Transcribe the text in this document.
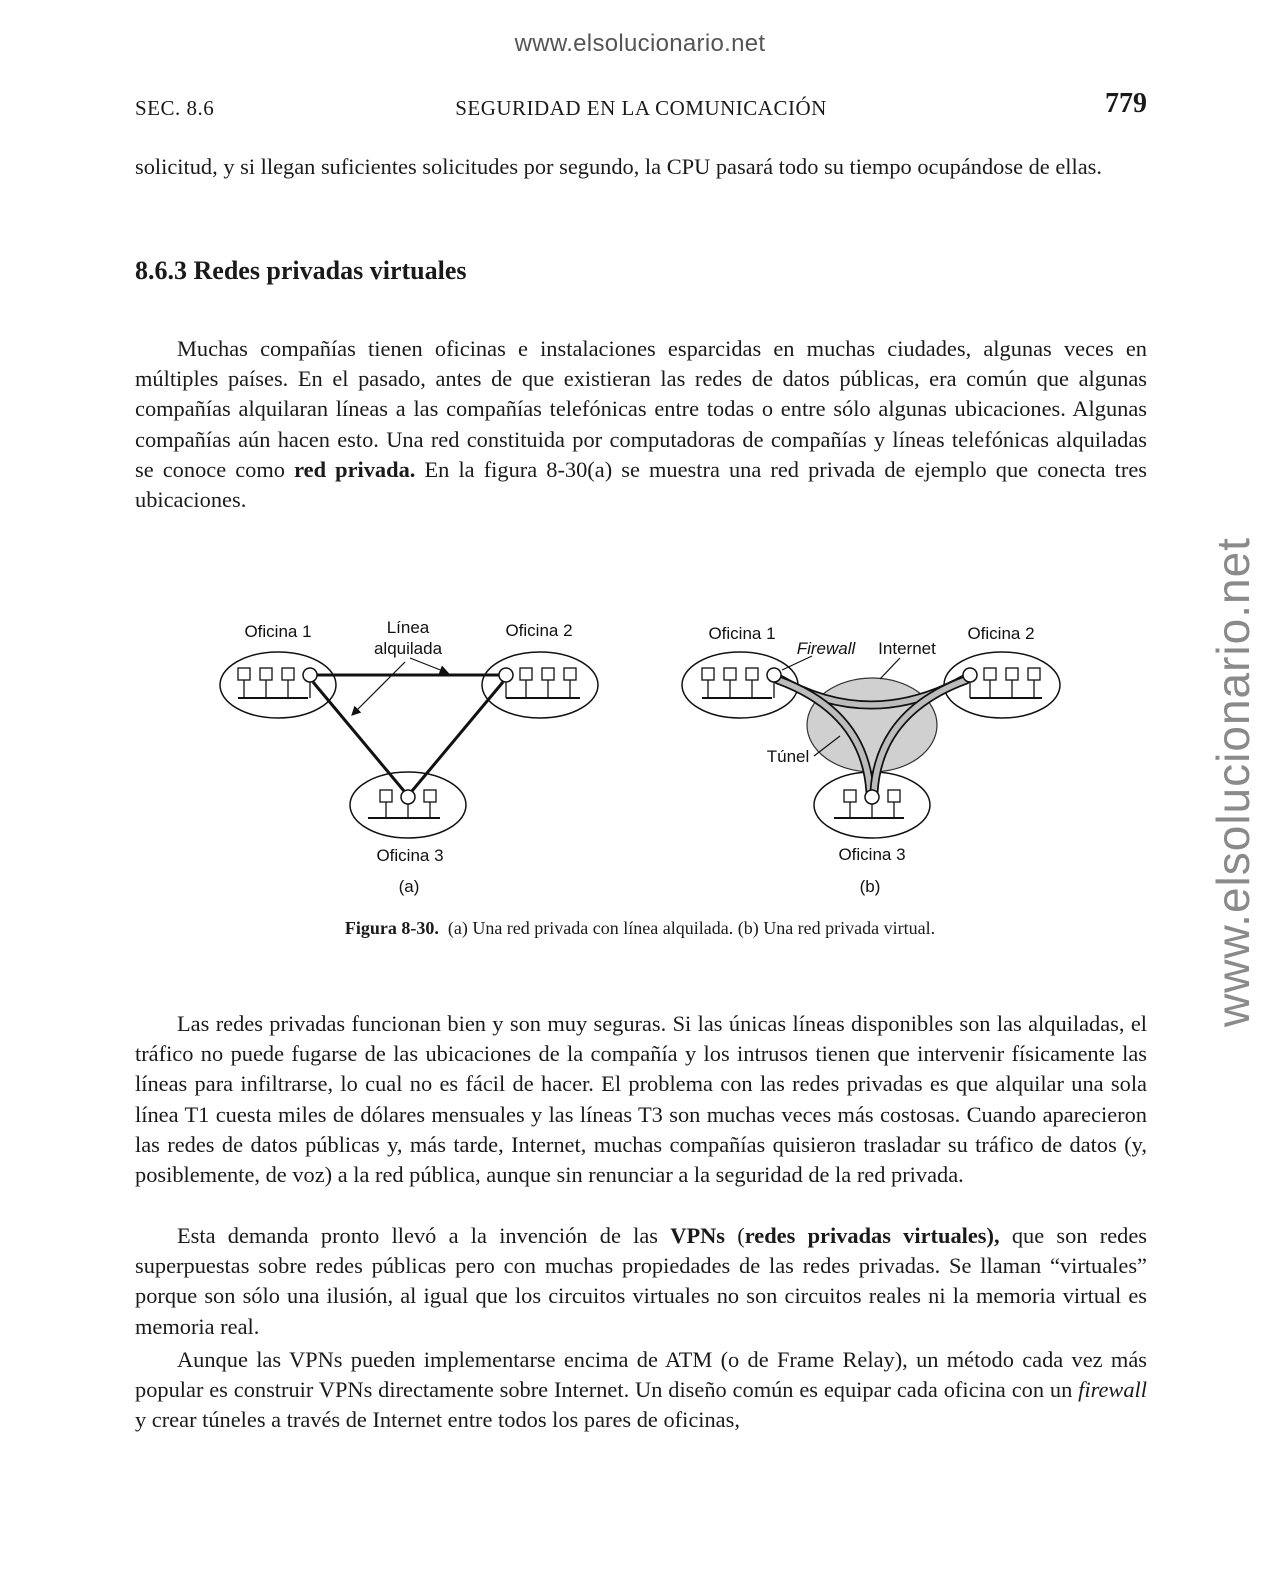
www.elsolucionario.net
www.elsolucionario.net
SEC. 8.6	SEGURIDAD EN LA COMUNICACIÓN	779

solicitud, y si llegan suficientes solicitudes por segundo, la CPU pasará todo su tiempo ocupándose de ellas.

8.6.3 Redes privadas virtuales

Muchas compañías tienen oficinas e instalaciones esparcidas en muchas ciudades, algunas veces en múltiples países. En el pasado, antes de que existieran las redes de datos públicas, era común que algunas compañías alquilaran líneas a las compañías telefónicas entre todas o entre sólo algunas ubicaciones. Algunas compañías aún hacen esto. Una red constituida por computadoras de compañías y líneas telefónicas alquiladas se conoce como red privada. En la figura 8-30(a) se muestra una red privada de ejemplo que conecta tres ubicaciones.

Oficina 1	Oficina 2
Línea
alquilada
Oficina 3
(a)
Oficina 1	Oficina 2
Firewall Internet
Túnel
Oficina 3
(b)
Figura 8-30. (a) Una red privada con línea alquilada. (b) Una red privada virtual.

Las redes privadas funcionan bien y son muy seguras. Si las únicas líneas disponibles son las alquiladas, el tráfico no puede fugarse de las ubicaciones de la compañía y los intrusos tienen que intervenir físicamente las líneas para infiltrarse, lo cual no es fácil de hacer. El problema con las redes privadas es que alquilar una sola línea T1 cuesta miles de dólares mensuales y las líneas T3 son muchas veces más costosas. Cuando aparecieron las redes de datos públicas y, más tarde, Internet, muchas compañías quisieron trasladar su tráfico de datos (y, posiblemente, de voz) a la red pública, aunque sin renunciar a la seguridad de la red privada.

Esta demanda pronto llevó a la invención de las VPNs (redes privadas virtuales), que son redes superpuestas sobre redes públicas pero con muchas propiedades de las redes privadas. Se llaman “virtuales” porque son sólo una ilusión, al igual que los circuitos virtuales no son circuitos reales ni la memoria virtual es memoria real.

Aunque las VPNs pueden implementarse encima de ATM (o de Frame Relay), un método cada vez más popular es construir VPNs directamente sobre Internet. Un diseño común es equipar cada oficina con un firewall y crear túneles a través de Internet entre todos los pares de oficinas,
